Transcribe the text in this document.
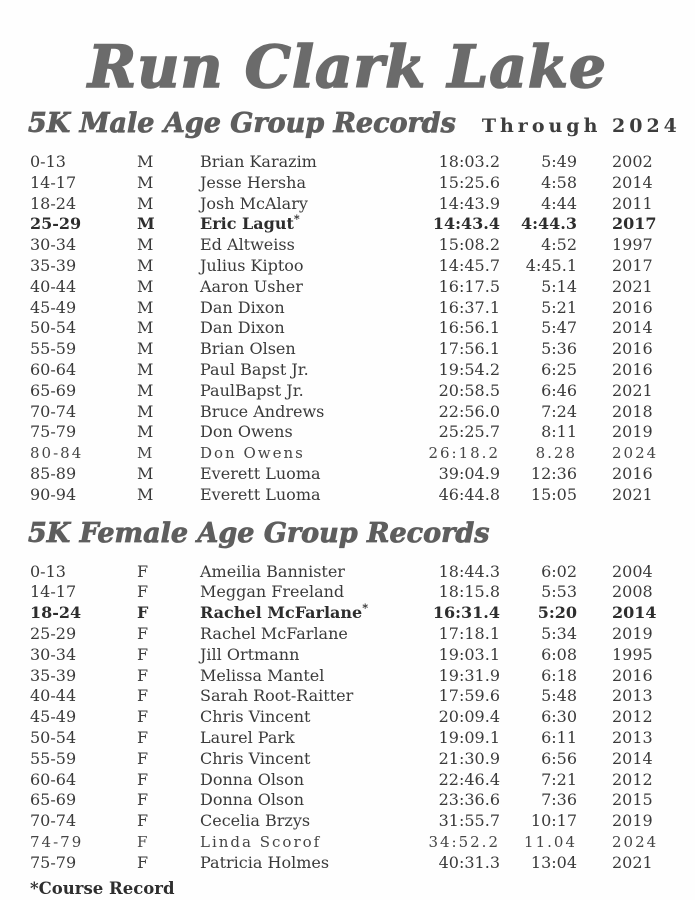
Run Clark Lake
5K Male Age Group Records Through 2024
0-13	M	Brian Karazim	18:03.2	5:49	2002
14-17	M	Jesse Hersha	15:25.6	4:58	2014
18-24	M	Josh McAlary	14:43.9	4:44	2011
25-29	M	Eric Lagut*	14:43.4	4:44.3	2017
30-34	M	Ed Altweiss	15:08.2	4:52	1997
35-39	M	Julius Kiptoo	14:45.7	4:45.1	2017
40-44	M	Aaron Usher	16:17.5	5:14	2021
45-49	M	Dan Dixon	16:37.1	5:21	2016
50-54	M	Dan Dixon	16:56.1	5:47	2014
55-59	M	Brian Olsen	17:56.1	5:36	2016
60-64	M	Paul Bapst Jr.	19:54.2	6:25	2016
65-69	M	PaulBapst Jr.	20:58.5	6:46	2021
70-74	M	Bruce Andrews	22:56.0	7:24	2018
75-79	M	Don Owens	25:25.7	8:11	2019
80-84	M	Don Owens	26:18.2	8.28	2024
85-89	M	Everett Luoma	39:04.9	12:36	2016
90-94	M	Everett Luoma	46:44.8	15:05	2021
5K Female Age Group Records
0-13	F	Ameilia Bannister	18:44.3	6:02	2004
14-17	F	Meggan Freeland	18:15.8	5:53	2008
18-24	F	Rachel McFarlane*	16:31.4	5:20	2014
25-29	F	Rachel McFarlane	17:18.1	5:34	2019
30-34	F	Jill Ortmann	19:03.1	6:08	1995
35-39	F	Melissa Mantel	19:31.9	6:18	2016
40-44	F	Sarah Root-Raitter	17:59.6	5:48	2013
45-49	F	Chris Vincent	20:09.4	6:30	2012
50-54	F	Laurel Park	19:09.1	6:11	2013
55-59	F	Chris Vincent	21:30.9	6:56	2014
60-64	F	Donna Olson	22:46.4	7:21	2012
65-69	F	Donna Olson	23:36.6	7:36	2015
70-74	F	Cecelia Brzys	31:55.7	10:17	2019
74-79	F	Linda Scorof	34:52.2	11.04	2024
75-79	F	Patricia Holmes	40:31.3	13:04	2021
*Course Record
